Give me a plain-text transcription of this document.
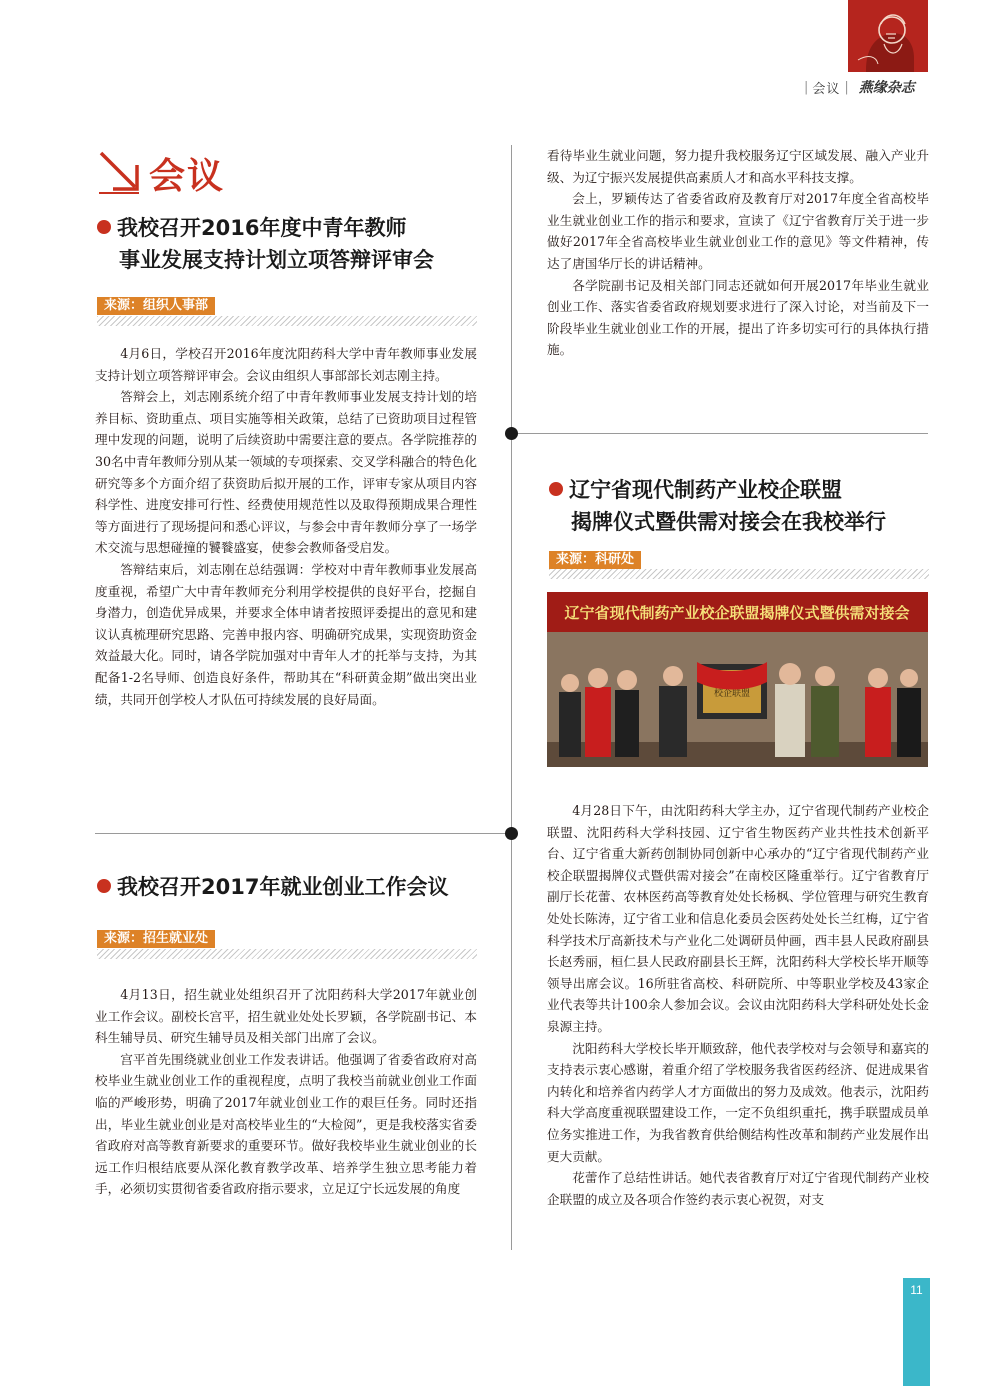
| 会议 | 燕缘杂志
会议
我校召开2016年度中青年教师
事业发展支持计划立项答辩评审会
来源：组织人事部

4月6日，学校召开2016年度沈阳药科大学中青年教师事业发展支持计划立项答辩评审会。会议由组织人事部部长刘志刚主持。

答辩会上，刘志刚系统介绍了中青年教师事业发展支持计划的培养目标、资助重点、项目实施等相关政策，总结了已资助项目过程管理中发现的问题，说明了后续资助中需要注意的要点。各学院推荐的30名中青年教师分别从某一领域的专项探索、交叉学科融合的特色化研究等多个方面介绍了获资助后拟开展的工作，评审专家从项目内容科学性、进度安排可行性、经费使用规范性以及取得预期成果合理性等方面进行了现场提问和悉心评议，与参会中青年教师分享了一场学术交流与思想碰撞的饕餮盛宴，使参会教师备受启发。

答辩结束后，刘志刚在总结强调：学校对中青年教师事业发展高度重视，希望广大中青年教师充分利用学校提供的良好平台，挖掘自身潜力，创造优异成果，并要求全体申请者按照评委提出的意见和建议认真梳理研究思路、完善申报内容、明确研究成果，实现资助资金效益最大化。同时，请各学院加强对中青年人才的托举与支持，为其配备1-2名导师、创造良好条件，帮助其在“科研黄金期”做出突出业绩，共同开创学校人才队伍可持续发展的良好局面。

我校召开2017年就业创业工作会议
来源：招生就业处

4月13日，招生就业处组织召开了沈阳药科大学2017年就业创业工作会议。副校长宫平，招生就业处处长罗颖，各学院副书记、本科生辅导员、研究生辅导员及相关部门出席了会议。

宫平首先围绕就业创业工作发表讲话。他强调了省委省政府对高校毕业生就业创业工作的重视程度，点明了我校当前就业创业工作面临的严峻形势，明确了2017年就业创业工作的艰巨任务。同时还指出，毕业生就业创业是对高校毕业生的“大检阅”，更是我校落实省委省政府对高等教育新要求的重要环节。做好我校毕业生就业创业的长远工作归根结底要从深化教育教学改革、培养学生独立思考能力着手，必须切实贯彻省委省政府指示要求，立足辽宁长远发展的角度

看待毕业生就业问题，努力提升我校服务辽宁区域发展、融入产业升级、为辽宁振兴发展提供高素质人才和高水平科技支撑。

会上，罗颖传达了省委省政府及教育厅对2017年度全省高校毕业生就业创业工作的指示和要求，宣读了《辽宁省教育厅关于进一步做好2017年全省高校毕业生就业创业工作的意见》等文件精神，传达了唐国华厅长的讲话精神。

各学院副书记及相关部门同志还就如何开展2017年毕业生就业创业工作、落实省委省政府规划要求进行了深入讨论，对当前及下一阶段毕业生就业创业工作的开展，提出了许多切实可行的具体执行措施。

辽宁省现代制药产业校企联盟
揭牌仪式暨供需对接会在我校举行
来源：科研处
辽宁省现代制药产业校企联盟揭牌仪式暨供需对接会
校企联盟

4月28日下午，由沈阳药科大学主办，辽宁省现代制药产业校企联盟、沈阳药科大学科技园、辽宁省生物医药产业共性技术创新平台、辽宁省重大新药创制协同创新中心承办的“辽宁省现代制药产业校企联盟揭牌仪式暨供需对接会”在南校区隆重举行。辽宁省教育厅副厅长花蕾、农林医药高等教育处处长杨枫、学位管理与研究生教育处处长陈涛，辽宁省工业和信息化委员会医药处处长兰红梅，辽宁省科学技术厅高新技术与产业化二处调研员仲画，西丰县人民政府副县长赵秀丽，桓仁县人民政府副县长王辉，沈阳药科大学校长毕开顺等领导出席会议。16所驻省高校、科研院所、中等职业学校及43家企业代表等共计100余人参加会议。会议由沈阳药科大学科研处处长金泉源主持。

沈阳药科大学校长毕开顺致辞，他代表学校对与会领导和嘉宾的支持表示衷心感谢，着重介绍了学校服务我省医药经济、促进成果省内转化和培养省内药学人才方面做出的努力及成效。他表示，沈阳药科大学高度重视联盟建设工作，一定不负组织重托，携手联盟成员单位务实推进工作，为我省教育供给侧结构性改革和制药产业发展作出更大贡献。

花蕾作了总结性讲话。她代表省教育厅对辽宁省现代制药产业校企联盟的成立及各项合作签约表示衷心祝贺，对支

11
